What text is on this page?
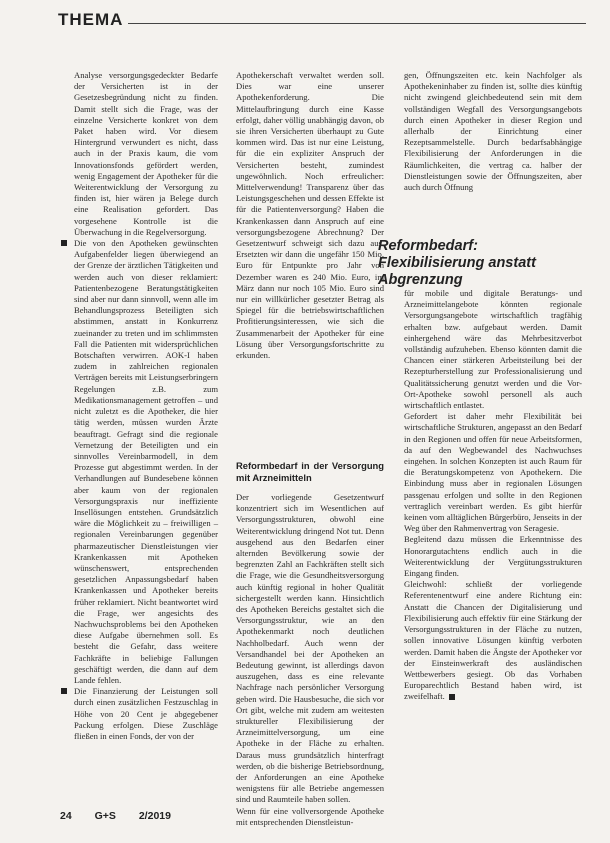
THEMA

Analyse versorgungsgedeckter Bedarfe der Versicherten ist in der Gesetzesbegründung nicht zu finden. Damit stellt sich die Frage, was der einzelne Versicherte konkret von dem Paket haben wird. Vor diesem Hintergrund verwundert es nicht, dass auch in der Praxis kaum, die vom Innovationsfonds gefördert werden, wenig Engagement der Apotheker für die Weiterentwicklung der Versorgung zu finden ist, hier wären ja Belege durch eine Realisation gefordert. Das vorgesehene Kontrolle ist die Überwachung in die Regelversorgung.

Die von den Apotheken gewünschten Aufgabenfelder liegen überwiegend an der Grenze der ärztlichen Tätigkeiten und werden auch von dieser reklamiert: Patientenbezogene Beratungstätigkeiten sind aber nur dann sinnvoll, wenn alle im Behandlungsprozess Beteiligten sich abstimmen, anstatt in Konkurrenz zueinander zu treten und im schlimmsten Fall die Patienten mit widersprüchlichen Botschaften verwirren. AOK-I haben zudem in zahlreichen regionalen Verträgen bereits mit Leistungserbringern Regelungen z.B. zum Medikationsmanagement getroffen – und nicht zuletzt es die Apotheker, die hier tätig werden, müssen wurden Ärzte beauftragt. Gefragt sind die regionale Vernetzung der Beteiligten und ein sinnvolles Vereinbarmodell, in dem Prozesse gut abgestimmt werden. In der Verhandlungen auf Bundesebene können aber kaum von der regionalen Versorgungspraxis nur ineffiziente Insellösungen entstehen. Grundsätzlich wäre die Möglichkeit zu – freiwilligen – regionalen Vereinbarungen gegenüber pharmazeutischer Dienstleistungen vier Krankenkassen mit Apotheken wünschenswert, entsprechenden gesetzlichen Anpassungsbedarf haben Krankenkassen und Apotheker bereits früher reklamiert. Nicht beantwortet wird die Frage, wer angesichts des Nachwuchsproblems bei den Apotheken diese Aufgabe übernehmen soll. Es besteht die Gefahr, dass weitere Fachkräfte in beliebige Fallungen geschäftigt werden, die dann auf dem Lande fehlen.

Die Finanzierung der Leistungen soll durch einen zusätzlichen Festzuschlag in Höhe von 20 Cent je abgegebener Packung erfolgen. Diese Zuschläge fließen in einen Fonds, der von der

Apothekerschaft verwaltet werden soll. Dies war eine unserer Apothekenforderung. Die Mittelaufbringung durch eine Kasse erfolgt, daher völlig unabhängig davon, ob sie ihren Versicherten überhaupt zu Gute kommen wird. Das ist nur eine Leistung, für die ein expliziter Anspruch der Versicherten besteht, zumindest ungewöhnlich. Noch erfreulicher: Mittelverwendung! Transparenz über das Leistungsgeschehen und dessen Effekte ist für die Patientenversorgung? Haben die Krankenkassen dann Anspruch auf eine versorgungsbezogene Abrechnung? Der Gesetzentwurf schweigt sich dazu aus. Ersetzten wir dann die ungefähr 150 Mio. Euro für Entpunkte pro Jahr von Dezember waren es 240 Mio. Euro, im März dann nur noch 105 Mio. Euro sind nur ein willkürlicher gesetzter Betrag als Spiegel für die betriebswirtschaftlichen Profitierungsinteressen, wie sich die Zusammenarbeit der Apotheker für eine Lösung über Versorgungsfortschritte zu erkunden.

Reformbedarf in der Versorgung mit Arzneimitteln

Der vorliegende Gesetzentwurf konzentriert sich im Wesentlichen auf Versorgungsstrukturen, obwohl eine Weiterentwicklung dringend Not tut. Denn ausgehend aus den Bedarfen einer alternden Bevölkerung sowie der begrenzten Zahl an Fachkräften stellt sich die Frage, wie die Gesundheitsversorgung auch künftig regional in hoher Qualität sichergestellt werden kann. Hinsichtlich des Apotheken Bereichs gestaltet sich die Versorgungsstruktur, wie an den Apothekenmarkt noch deutlichen Nachholbedarf. Auch wenn der Versandhandel bei der Apotheken an Bedeutung gewinnt, ist allerdings davon auszugehen, dass es eine relevante Nachfrage nach persönlicher Versorgung geben wird. Die Hausbesuche, die sich vor Ort gibt, welche mit zudem am weitesten struktureller Flexibilisierung der Arzneimittelversorgung, um eine Apotheke in der Fläche zu erhalten. Daraus muss grundsätzlich hinterfragt werden, ob die bisherige Betriebsordnung, der Anforderungen an eine Apotheke wenigstens für alle Betriebe angemessen sind und Raumteile haben sollen.

Wenn für eine vollversorgende Apotheke mit entsprechenden Dienstleistun-

gen, Öffnungszeiten etc. kein Nachfolger als Apothekeninhaber zu finden ist, sollte dies künftig nicht zwingend gleichbedeutend sein mit dem vollständigen Wegfall des Versorgungsangebots durch einen Apotheker in dieser Region und allerhalb der Einrichtung einer Rezeptsammelstelle. Durch bedarfsabhängige Flexibilisierung der Anforderungen in die Räumlichkeiten, die vertrag ca. halber der Dienstleistungen sowie der Öffnungszeiten, aber auch durch Öffnung

Reformbedarf: Flexibilisierung anstatt Abgrenzung

für mobile und digitale Beratungs- und Arzneimittelangebote könnten regionale Versorgungsangebote wirtschaftlich tragfähig erhalten bzw. aufgebaut werden. Damit einhergehend wäre das Mehrbesitzverbot vollständig aufzuheben. Ebenso könnten damit die Chancen einer stärkeren Arbeitsteilung bei der Rezepturherstellung zur Professionalisierung und Qualitätssicherung genutzt werden und die Vor-Ort-Apotheke sowohl personell als auch wirtschaftlich entlastet.

Gefordert ist daher mehr Flexibilität bei wirtschaftliche Strukturen, angepasst an den Bedarf in den Regionen und offen für neue Arbeitsformen, da auf den Wegbewandel des Nachwuchses eingehen. In solchen Konzepten ist auch Raum für die Beratungskompetenz von Apothekern. Die Einbindung muss aber in regionalen Lösungen passgenau erfolgen und sollte in den Regionen vertraglich vereinbart werden. Es gibt hierfür keinen vom alltäglichen Bürgerbüro, Jenseits in der Weg über den Rahmenvertrag von Seragesie.

Begleitend dazu müssen die Erkenntnisse des Honorargutachtens endlich auch in die Weiterentwicklung der Vergütungsstrukturen Eingang finden.

Gleichwohl: schließt der vorliegende Referentenentwurf eine andere Richtung ein: Anstatt die Chancen der Digitalisierung und Flexibilisierung auch effektiv für eine Stärkung der Versorgungsstrukturen in der Fläche zu nutzen, sollen innovative Lösungen künftig verboten werden. Damit haben die Ängste der Apotheker vor der Einsteinwerkraft des ausländischen Wettbewerbers gesiegt. Ob das Vorhaben Europarechtlich Bestand haben wird, ist zweifelhaft.

24 G+S 2/2019
